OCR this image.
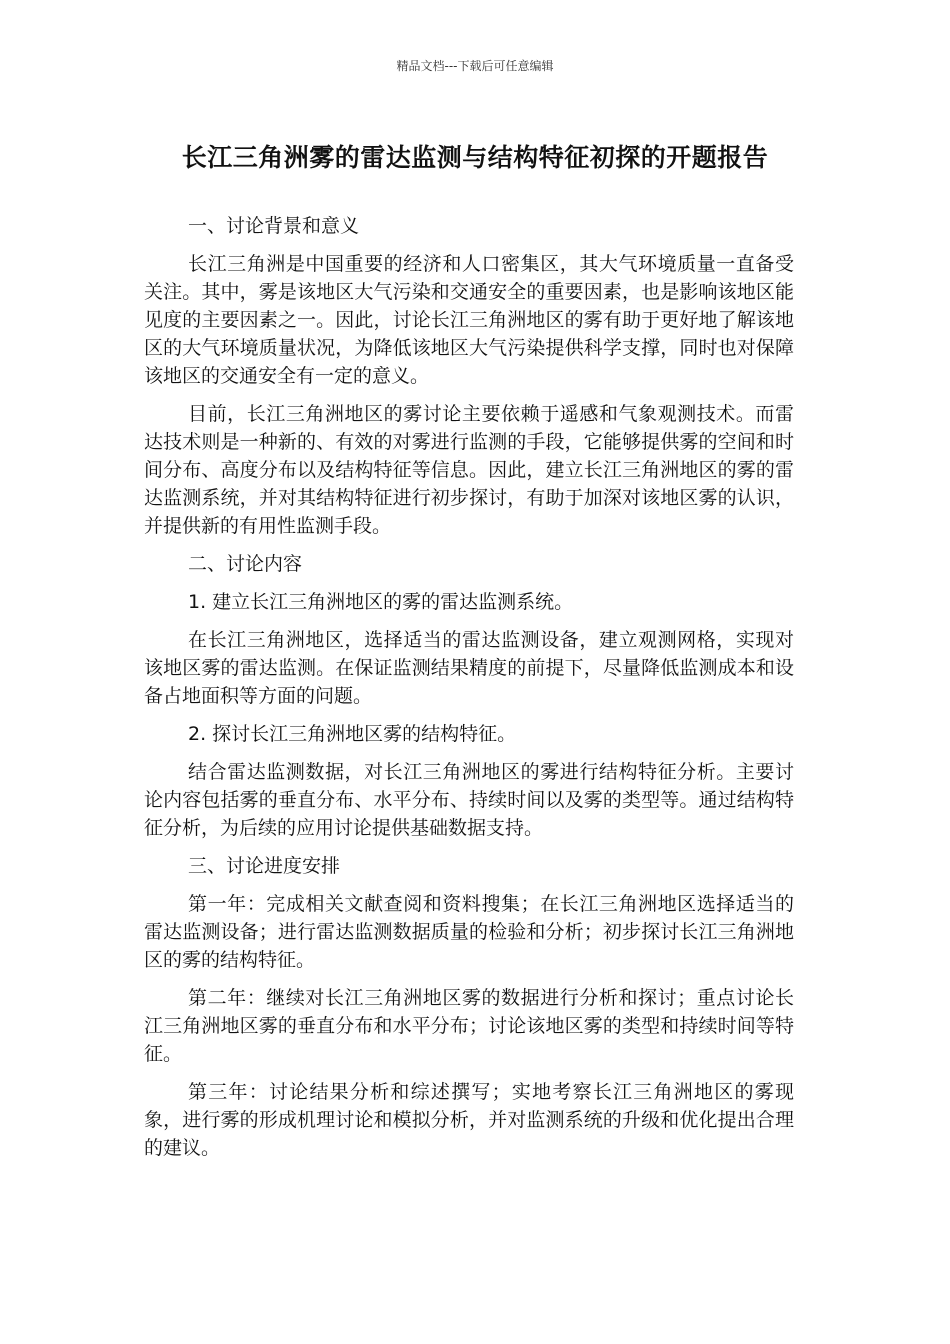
精品文档---下载后可任意编辑
长江三角洲雾的雷达监测与结构特征初探的开题报告

一、讨论背景和意义

长江三角洲是中国重要的经济和人口密集区，其大气环境质量一直备受关注。其中，雾是该地区大气污染和交通安全的重要因素，也是影响该地区能见度的主要因素之一。因此，讨论长江三角洲地区的雾有助于更好地了解该地区的大气环境质量状况，为降低该地区大气污染提供科学支撑，同时也对保障该地区的交通安全有一定的意义。

目前，长江三角洲地区的雾讨论主要依赖于遥感和气象观测技术。而雷达技术则是一种新的、有效的对雾进行监测的手段，它能够提供雾的空间和时间分布、高度分布以及结构特征等信息。因此，建立长江三角洲地区的雾的雷达监测系统，并对其结构特征进行初步探讨，有助于加深对该地区雾的认识，并提供新的有用性监测手段。

二、讨论内容

1. 建立长江三角洲地区的雾的雷达监测系统。

在长江三角洲地区，选择适当的雷达监测设备，建立观测网格，实现对该地区雾的雷达监测。在保证监测结果精度的前提下，尽量降低监测成本和设备占地面积等方面的问题。

2. 探讨长江三角洲地区雾的结构特征。

结合雷达监测数据，对长江三角洲地区的雾进行结构特征分析。主要讨论内容包括雾的垂直分布、水平分布、持续时间以及雾的类型等。通过结构特征分析，为后续的应用讨论提供基础数据支持。

三、讨论进度安排

第一年：完成相关文献查阅和资料搜集；在长江三角洲地区选择适当的雷达监测设备；进行雷达监测数据质量的检验和分析；初步探讨长江三角洲地区的雾的结构特征。

第二年：继续对长江三角洲地区雾的数据进行分析和探讨；重点讨论长江三角洲地区雾的垂直分布和水平分布；讨论该地区雾的类型和持续时间等特征。

第三年：讨论结果分析和综述撰写；实地考察长江三角洲地区的雾现象，进行雾的形成机理讨论和模拟分析，并对监测系统的升级和优化提出合理的建议。
